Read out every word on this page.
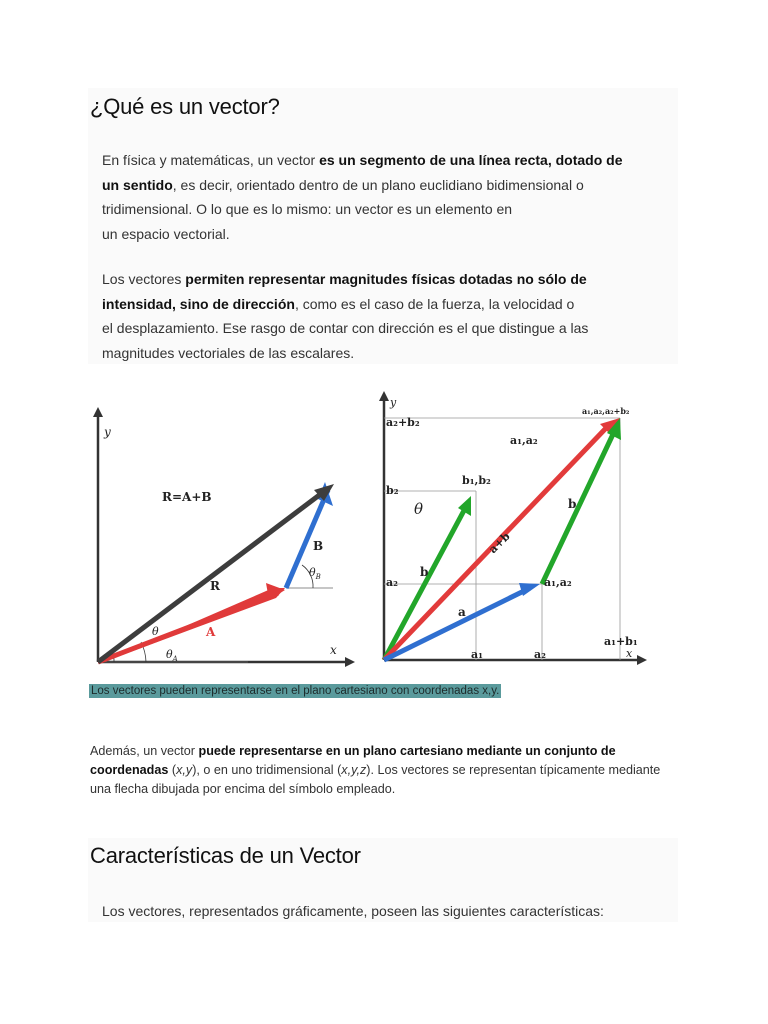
¿Qué es un vector?
En física y matemáticas, un vector es un segmento de una línea recta, dotado de
un sentido, es decir, orientado dentro de un plano euclidiano bidimensional o
tridimensional. O lo que es lo mismo: un vector es un elemento en
un espacio vectorial.
Los vectores permiten representar magnitudes físicas dotadas no sólo de
intensidad, sino de dirección, como es el caso de la fuerza, la velocidad o
el desplazamiento. Ese rasgo de contar con dirección es el que distingue a las
magnitudes vectoriales de las escalares.
y
x
R=A+B
R
A
B
θ
$\theta_B$
$\theta_A$
y
x
a₂+b₂
b₂
a₂
a₁	a₂
a₁+b₁
a₁,a₂,a₂+b₂
a₁,a₂
b₁,b₂
θ
b
b
a+b
a
a₁,a₂
Los vectores pueden representarse en el plano cartesiano con coordenadas x,y.
Además, un vector puede representarse en un plano cartesiano mediante un conjunto de coordenadas (x,y), o en uno tridimensional (x,y,z). Los vectores se representan típicamente mediante una flecha dibujada por encima del símbolo empleado.
Características de un Vector
Los vectores, representados gráficamente, poseen las siguientes características:
